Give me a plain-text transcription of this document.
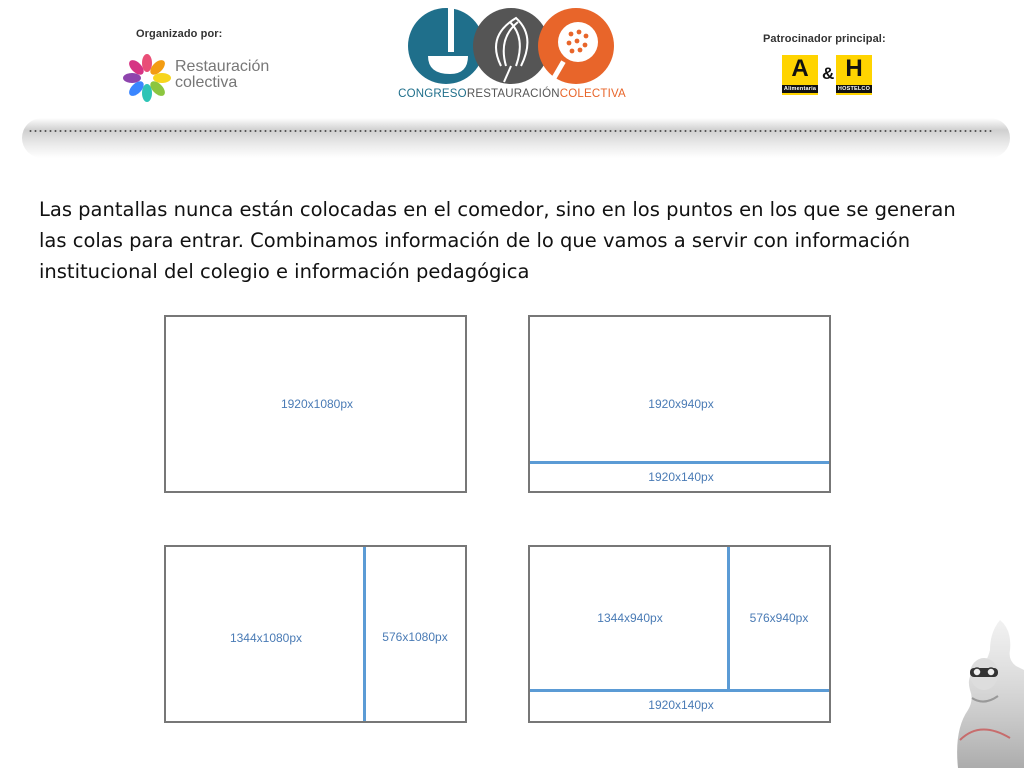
Organizado por:
Restauración
colectiva
CONGRESORESTAURACIÓNCOLECTIVA
Patrocinador principal:
A
Alimentaria
& H
HOSTELCO
Las pantallas nunca están colocadas en el comedor, sino en los puntos en los que se generan las colas para entrar. Combinamos información de lo que vamos a servir con información institucional del colegio e información pedagógica
1920x1080px	1920x940px
1920x140px
1344x1080px	576x1080px
1344x940px	576x940px
1920x140px
